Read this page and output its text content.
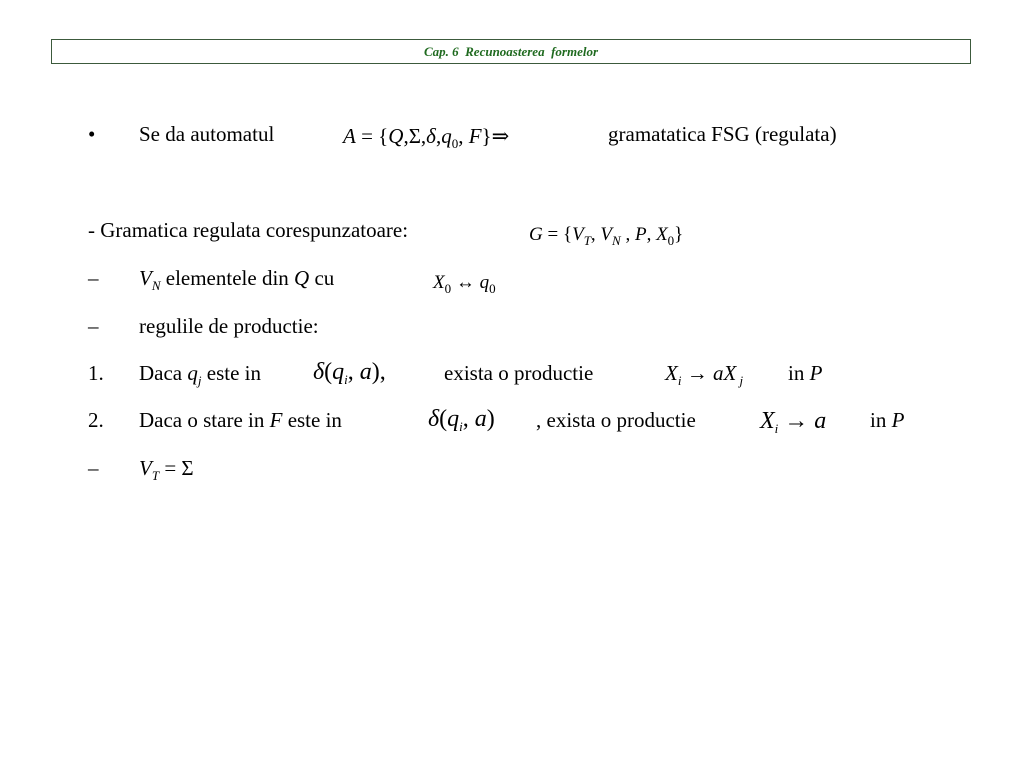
Cap. 6  Recunoasterea  formelor
• Se da automatul	$A = \{Q,\Sigma,\delta,q_0$, F}⇒	gramatatica FSG (regulata)
- Gramatica regulata corespunzatoare:	$G = \{V_T$, $V_N$ , P, $X_0$}
– $V_N$ elementele din Q cu	$X_0$ ↔ $q_0$
– regulile de productie:
1. Daca $q_j$ este in $\delta(q_i$, a),	exista o productie	$X_i$ → aX $_j$ in P
2. Daca o stare in F este in	$\delta(q_i$, a) , exista o productie	$X_i \to a$ in P
– $V_T = \Sigma$
